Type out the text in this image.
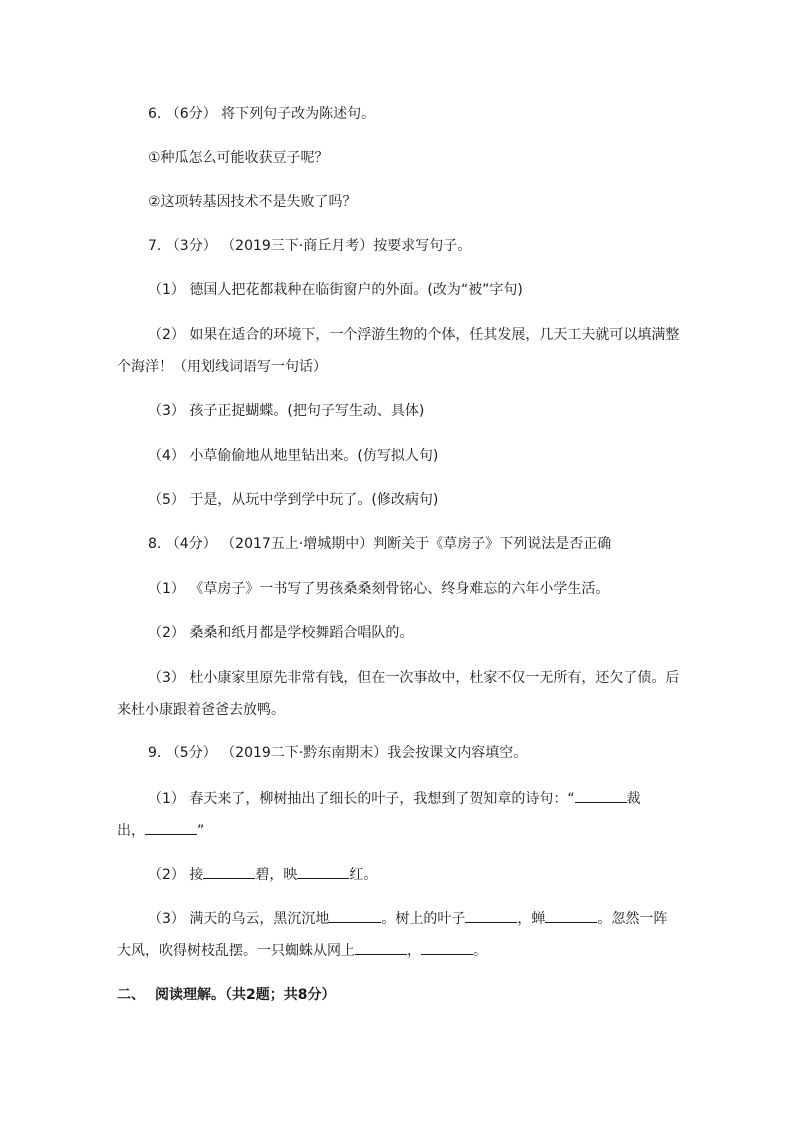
6. （6分） 将下列句子改为陈述句。
①种瓜怎么可能收获豆子呢？
②这项转基因技术不是失败了吗？
7. （3分） （2019三下·商丘月考）按要求写句子。
（1） 德国人把花都栽种在临街窗户的外面。(改为“被”字句)
（2） 如果在适合的环境下，一个浮游生物的个体，任其发展，几天工夫就可以填满整
个海洋！（用划线词语写一句话）
（3） 孩子正捉蝴蝶。(把句子写生动、具体)
（4） 小草偷偷地从地里钻出来。(仿写拟人句)
（5） 于是，从玩中学到学中玩了。(修改病句)
8. （4分） （2017五上·增城期中）判断关于《草房子》下列说法是否正确
（1） 《草房子》一书写了男孩桑桑刻骨铭心、终身难忘的六年小学生活。
（2） 桑桑和纸月都是学校舞蹈合唱队的。
（3） 杜小康家里原先非常有钱，但在一次事故中，杜家不仅一无所有，还欠了债。后
来杜小康跟着爸爸去放鸭。
9. （5分） （2019二下·黔东南期末）我会按课文内容填空。
（1） 春天来了，柳树抽出了细长的叶子，我想到了贺知章的诗句：“	裁
出，	”
（2） 接	碧，映	红。
（3） 满天的乌云，黑沉沉地	。树上的叶子	，蝉	。忽然一阵
大风，吹得树枝乱摆。一只蜘蛛从网上	，	。
二、 阅读理解。（共2题；共8分）
